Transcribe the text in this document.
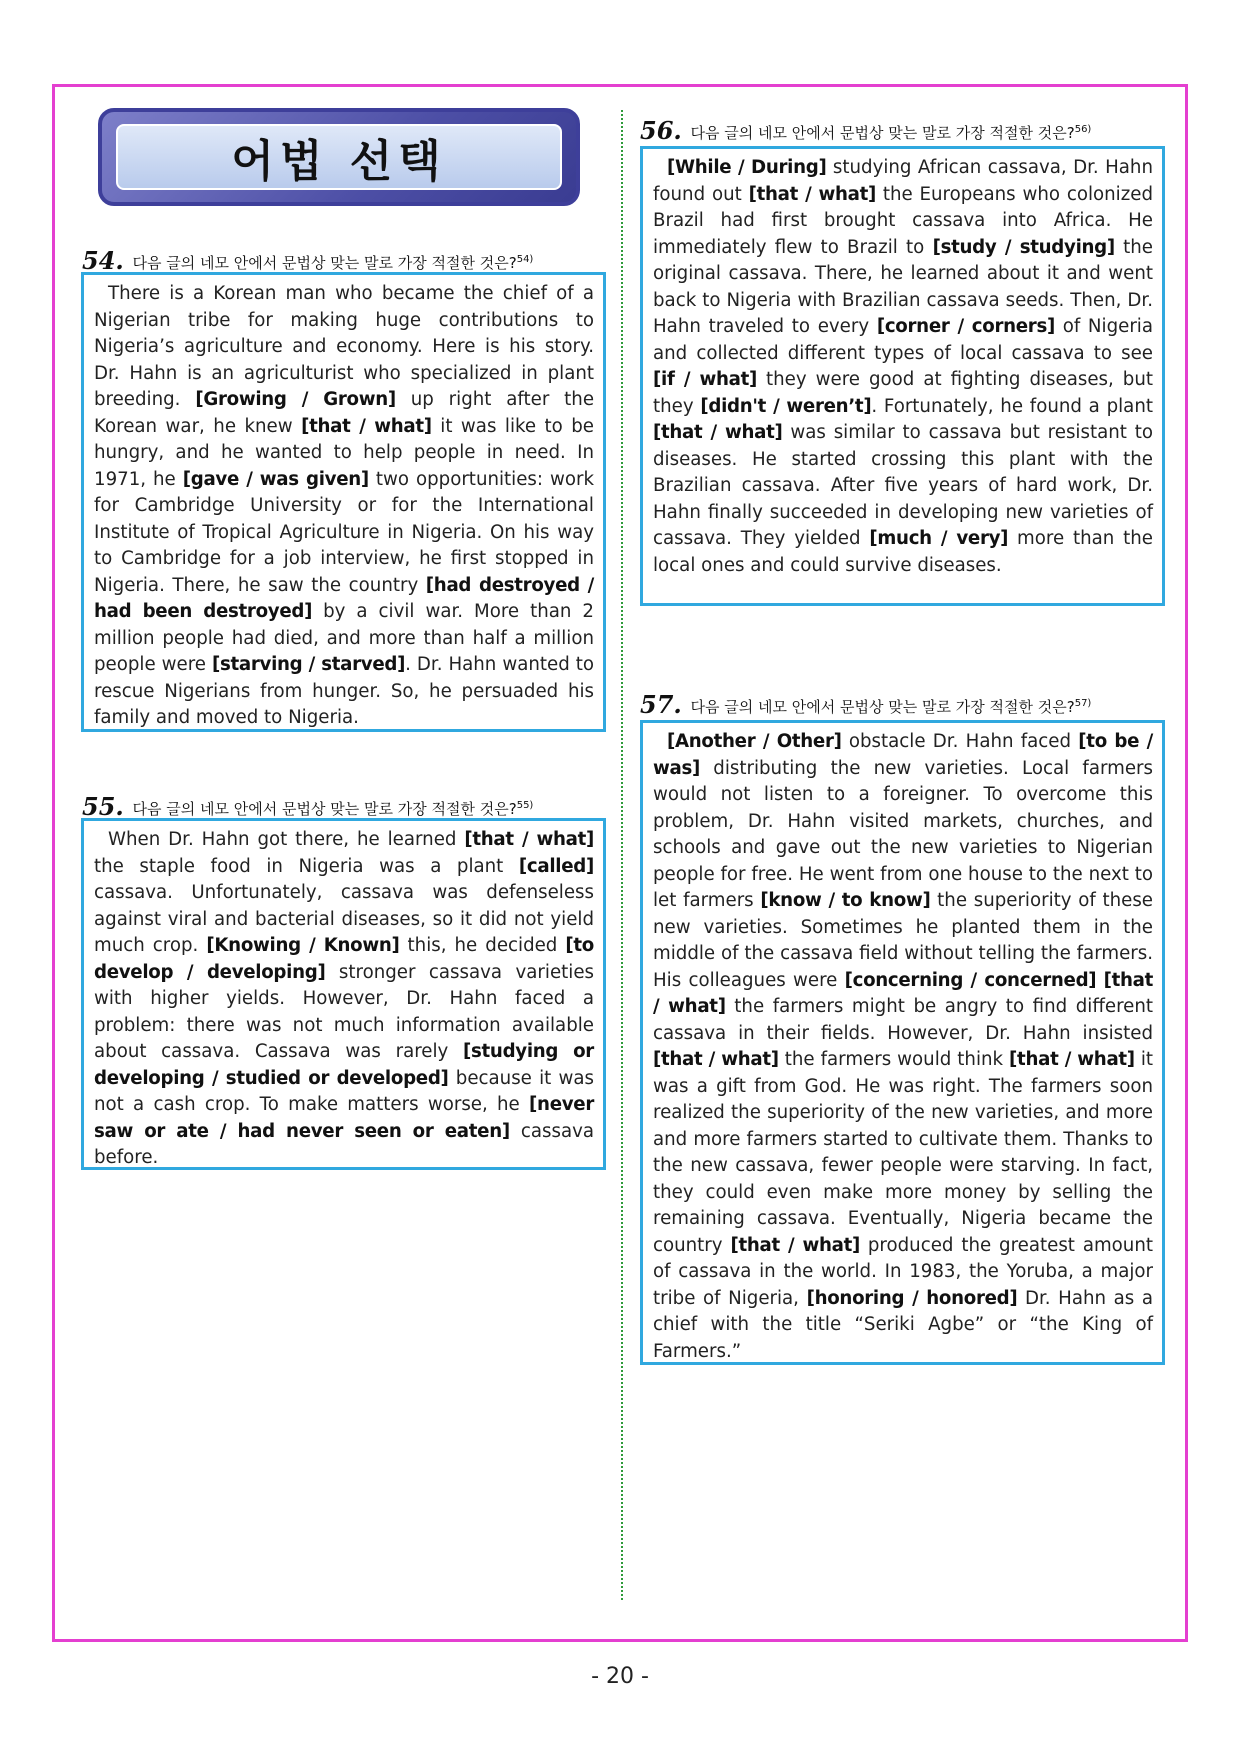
어법 선택
54. 다음 글의 네모 안에서 문법상 맞는 말로 가장 적절한 것은?$^{54)}$

There is a Korean man who became the chief of a Nigerian tribe for making huge contributions to Nigeria’s agriculture and economy. Here is his story. Dr. Hahn is an agriculturist who specialized in plant breeding. [Growing / Grown] up right after the Korean war, he knew [that / what] it was like to be hungry, and he wanted to help people in need. In 1971, he [gave / was given] two opportunities: work for Cambridge University or for the International Institute of Tropical Agriculture in Nigeria. On his way to Cambridge for a job interview, he first stopped in Nigeria. There, he saw the country [had destroyed / had been destroyed] by a civil war. More than 2 million people had died, and more than half a million people were [starving / starved]. Dr. Hahn wanted to rescue Nigerians from hunger. So, he persuaded his family and moved to Nigeria.

55. 다음 글의 네모 안에서 문법상 맞는 말로 가장 적절한 것은?$^{55)}$

When Dr. Hahn got there, he learned [that / what] the staple food in Nigeria was a plant [called] cassava. Unfortunately, cassava was defenseless against viral and bacterial diseases, so it did not yield much crop. [Knowing / Known] this, he decided [to develop / developing] stronger cassava varieties with higher yields. However, Dr. Hahn faced a problem: there was not much information available about cassava. Cassava was rarely [studying or developing / studied or developed] because it was not a cash crop. To make matters worse, he [never saw or ate / had never seen or eaten] cassava before.

56. 다음 글의 네모 안에서 문법상 맞는 말로 가장 적절한 것은?$^{56)}$

[While / During] studying African cassava, Dr. Hahn found out [that / what] the Europeans who colonized Brazil had first brought cassava into Africa. He immediately flew to Brazil to [study / studying] the original cassava. There, he learned about it and went back to Nigeria with Brazilian cassava seeds. Then, Dr. Hahn traveled to every [corner / corners] of Nigeria and collected different types of local cassava to see [if / what] they were good at fighting diseases, but they [didn't / weren’t]. Fortunately, he found a plant [that / what] was similar to cassava but resistant to diseases. He started crossing this plant with the Brazilian cassava. After five years of hard work, Dr. Hahn finally succeeded in developing new varieties of cassava. They yielded [much / very] more than the local ones and could survive diseases.

57. 다음 글의 네모 안에서 문법상 맞는 말로 가장 적절한 것은?$^{57)}$

[Another / Other] obstacle Dr. Hahn faced [to be / was] distributing the new varieties. Local farmers would not listen to a foreigner. To overcome this problem, Dr. Hahn visited markets, churches, and schools and gave out the new varieties to Nigerian people for free. He went from one house to the next to let farmers [know / to know] the superiority of these new varieties. Sometimes he planted them in the middle of the cassava field without telling the farmers. His colleagues were [concerning / concerned] [that / what] the farmers might be angry to find different cassava in their fields. However, Dr. Hahn insisted [that / what] the farmers would think [that / what] it was a gift from God. He was right. The farmers soon realized the superiority of the new varieties, and more and more farmers started to cultivate them. Thanks to the new cassava, fewer people were starving. In fact, they could even make more money by selling the remaining cassava. Eventually, Nigeria became the country [that / what] produced the greatest amount of cassava in the world. In 1983, the Yoruba, a major tribe of Nigeria, [honoring / honored] Dr. Hahn as a chief with the title “Seriki Agbe” or “the King of Farmers.”

- 20 -
